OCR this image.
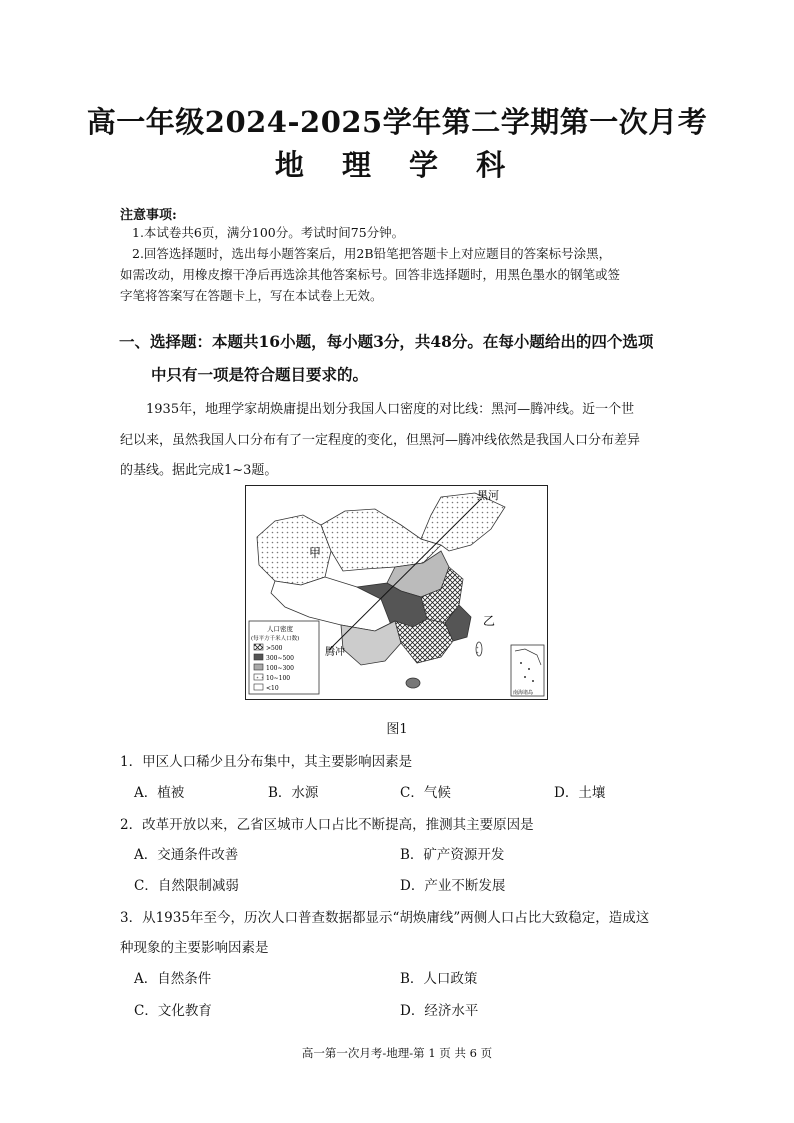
高一年级2024-2025学年第二学期第一次月考
地 理 学 科
注意事项:
1.本试卷共6页，满分100分。考试时间75分钟。
2.回答选择题时，选出每小题答案后，用2B铅笔把答题卡上对应题目的答案标号涂黑，
如需改动，用橡皮擦干净后再选涂其他答案标号。回答非选择题时，用黑色墨水的钢笔或签
字笔将答案写在答题卡上，写在本试卷上无效。
一、选择题：本题共16小题，每小题3分，共48分。在每小题给出的四个选项
中只有一项是符合题目要求的。
1935年，地理学家胡焕庸提出划分我国人口密度的对比线：黑河—腾冲线。近一个世
纪以来，虽然我国人口分布有了一定程度的变化，但黑河—腾冲线依然是我国人口分布差异
的基线。据此完成1~3题。
黑河
甲
乙
腾冲
人口密度
(每平方千米人口数)
>500
300~500
100~300
10~100
<10
南海诸岛
图1
1．甲区人口稀少且分布集中，其主要影响因素是
A．植被	B．水源	C．气候	D．土壤
2．改革开放以来，乙省区城市人口占比不断提高，推测其主要原因是
A．交通条件改善	B．矿产资源开发
C．自然限制减弱	D．产业不断发展
3．从1935年至今，历次人口普查数据都显示“胡焕庸线”两侧人口占比大致稳定，造成这
种现象的主要影响因素是
A．自然条件	B．人口政策
C．文化教育	D．经济水平
高一第一次月考-地理-第 1 页 共 6 页
